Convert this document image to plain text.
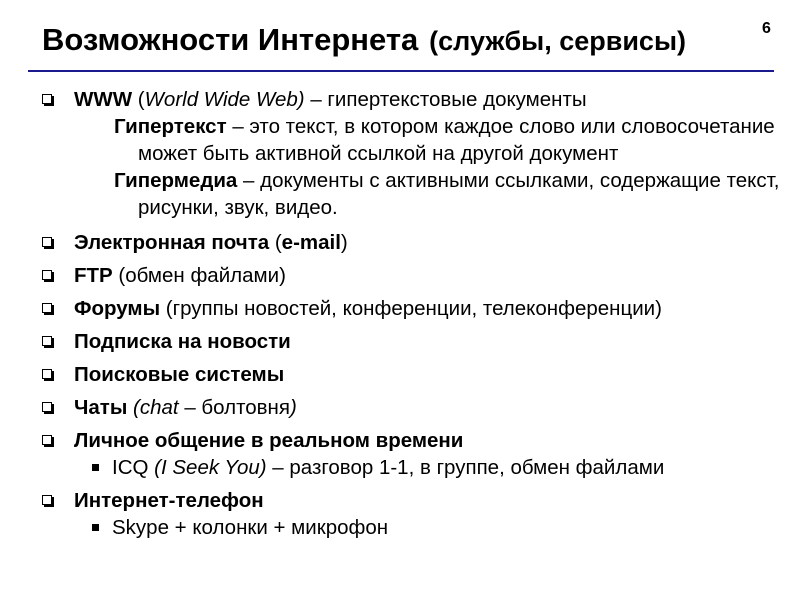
Возможности Интернета   (службы, сервисы)	6
WWW (World Wide Web) – гипертекстовые документы
Гипертекст – это текст, в котором каждое слово или словосочетание может быть активной ссылкой на другой документ
Гипермедиа – документы с активными ссылками, содержащие текст, рисунки, звук, видео.
Электронная почта (e-mail)
FTP (обмен файлами)
Форумы (группы новостей, конференции, телеконференции)
Подписка на новости
Поисковые системы
Чаты (chat – болтовня)
Личное общение в реальном времени
ICQ (I Seek You) – разговор 1-1, в группе, обмен файлами
Интернет-телефон
Skype + колонки + микрофон
